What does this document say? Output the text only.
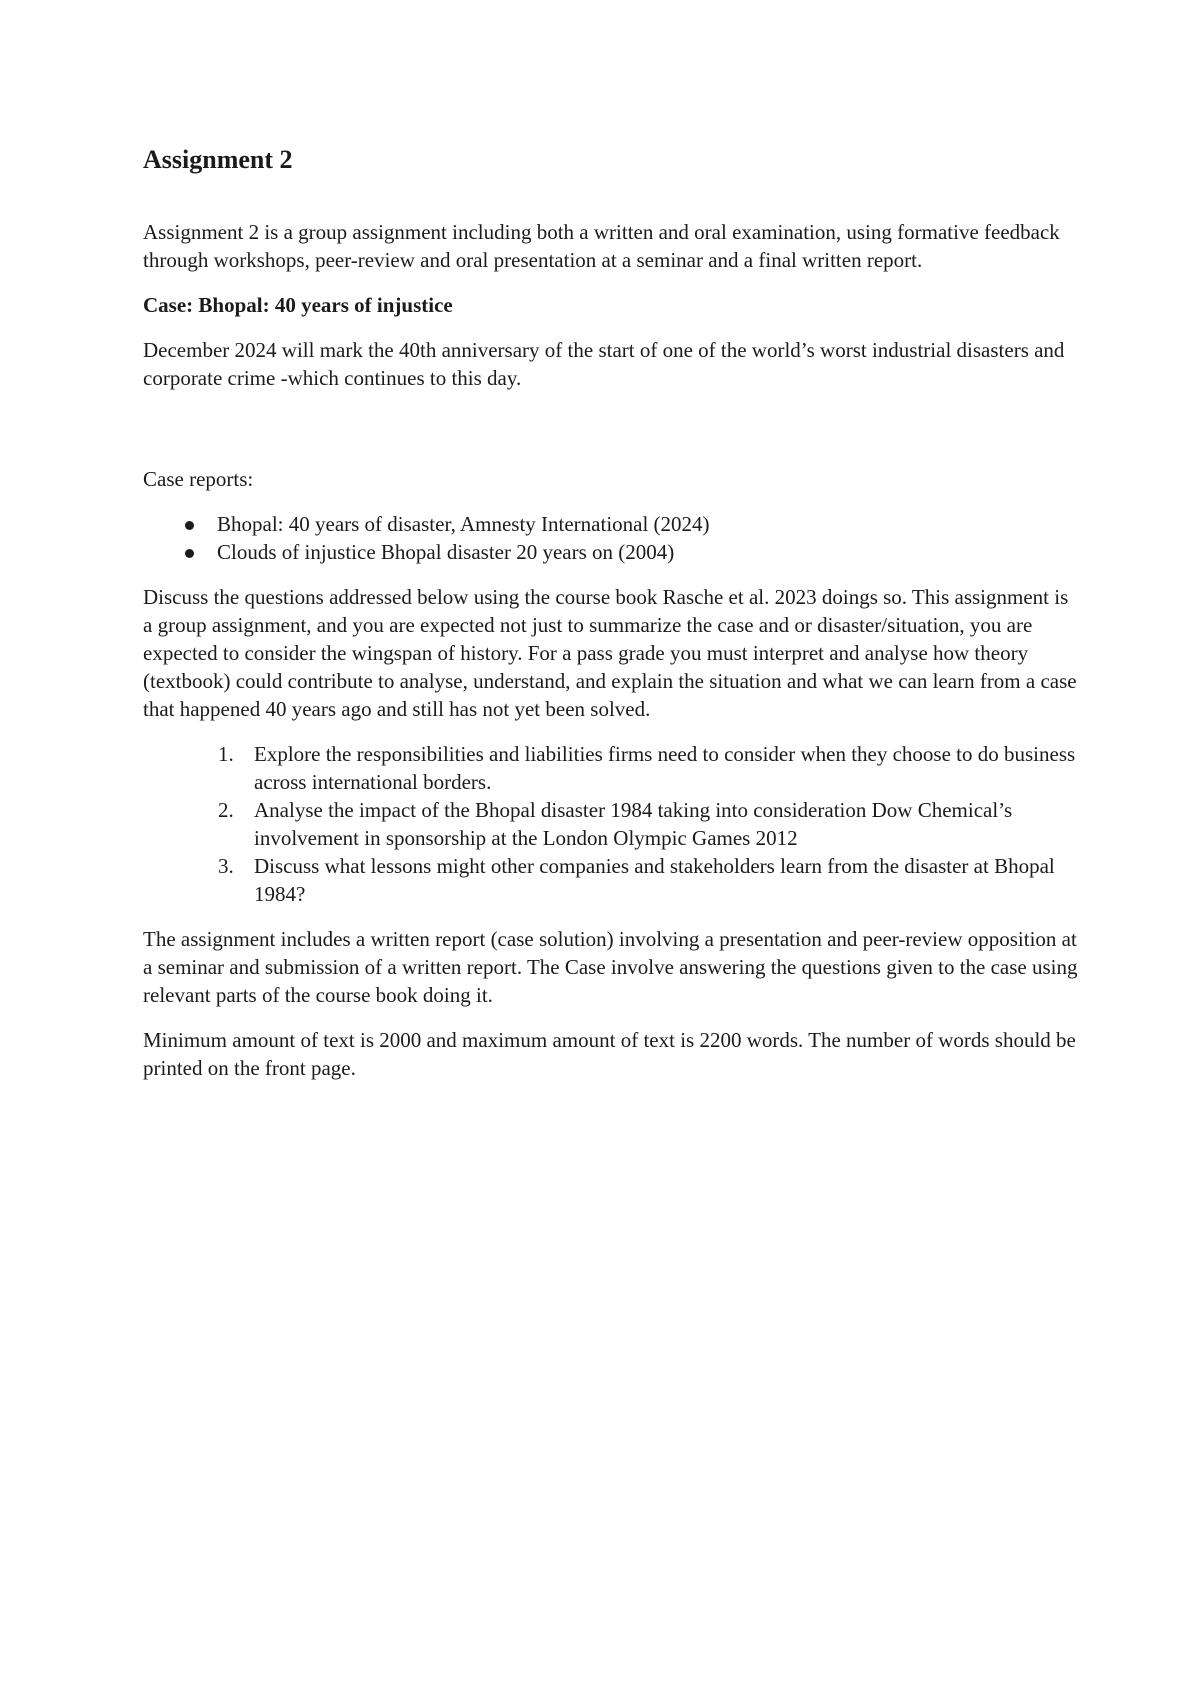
Assignment 2

Assignment 2 is a group assignment including both a written and oral examination, using formative feedback through workshops, peer-review and oral presentation at a seminar and a final written report.

Case: Bhopal: 40 years of injustice

December 2024 will mark the 40th anniversary of the start of one of the world’s worst industrial disasters and corporate crime -which continues to this day.

Case reports:

Bhopal: 40 years of disaster, Amnesty International (2024)
Clouds of injustice Bhopal disaster 20 years on (2004)

Discuss the questions addressed below using the course book Rasche et al. 2023 doings so. This assignment is a group assignment, and you are expected not just to summarize the case and or disaster/situation, you are expected to consider the wingspan of history. For a pass grade you must interpret and analyse how theory (textbook) could contribute to analyse, understand, and explain the situation and what we can learn from a case that happened 40 years ago and still has not yet been solved.

1. Explore the responsibilities and liabilities firms need to consider when they choose to do business across international borders.
2. Analyse the impact of the Bhopal disaster 1984 taking into consideration Dow Chemical’s involvement in sponsorship at the London Olympic Games 2012
3. Discuss what lessons might other companies and stakeholders learn from the disaster at Bhopal 1984?

The assignment includes a written report (case solution) involving a presentation and peer-review opposition at a seminar and submission of a written report. The Case involve answering the questions given to the case using relevant parts of the course book doing it.

Minimum amount of text is 2000 and maximum amount of text is 2200 words. The number of words should be printed on the front page.
